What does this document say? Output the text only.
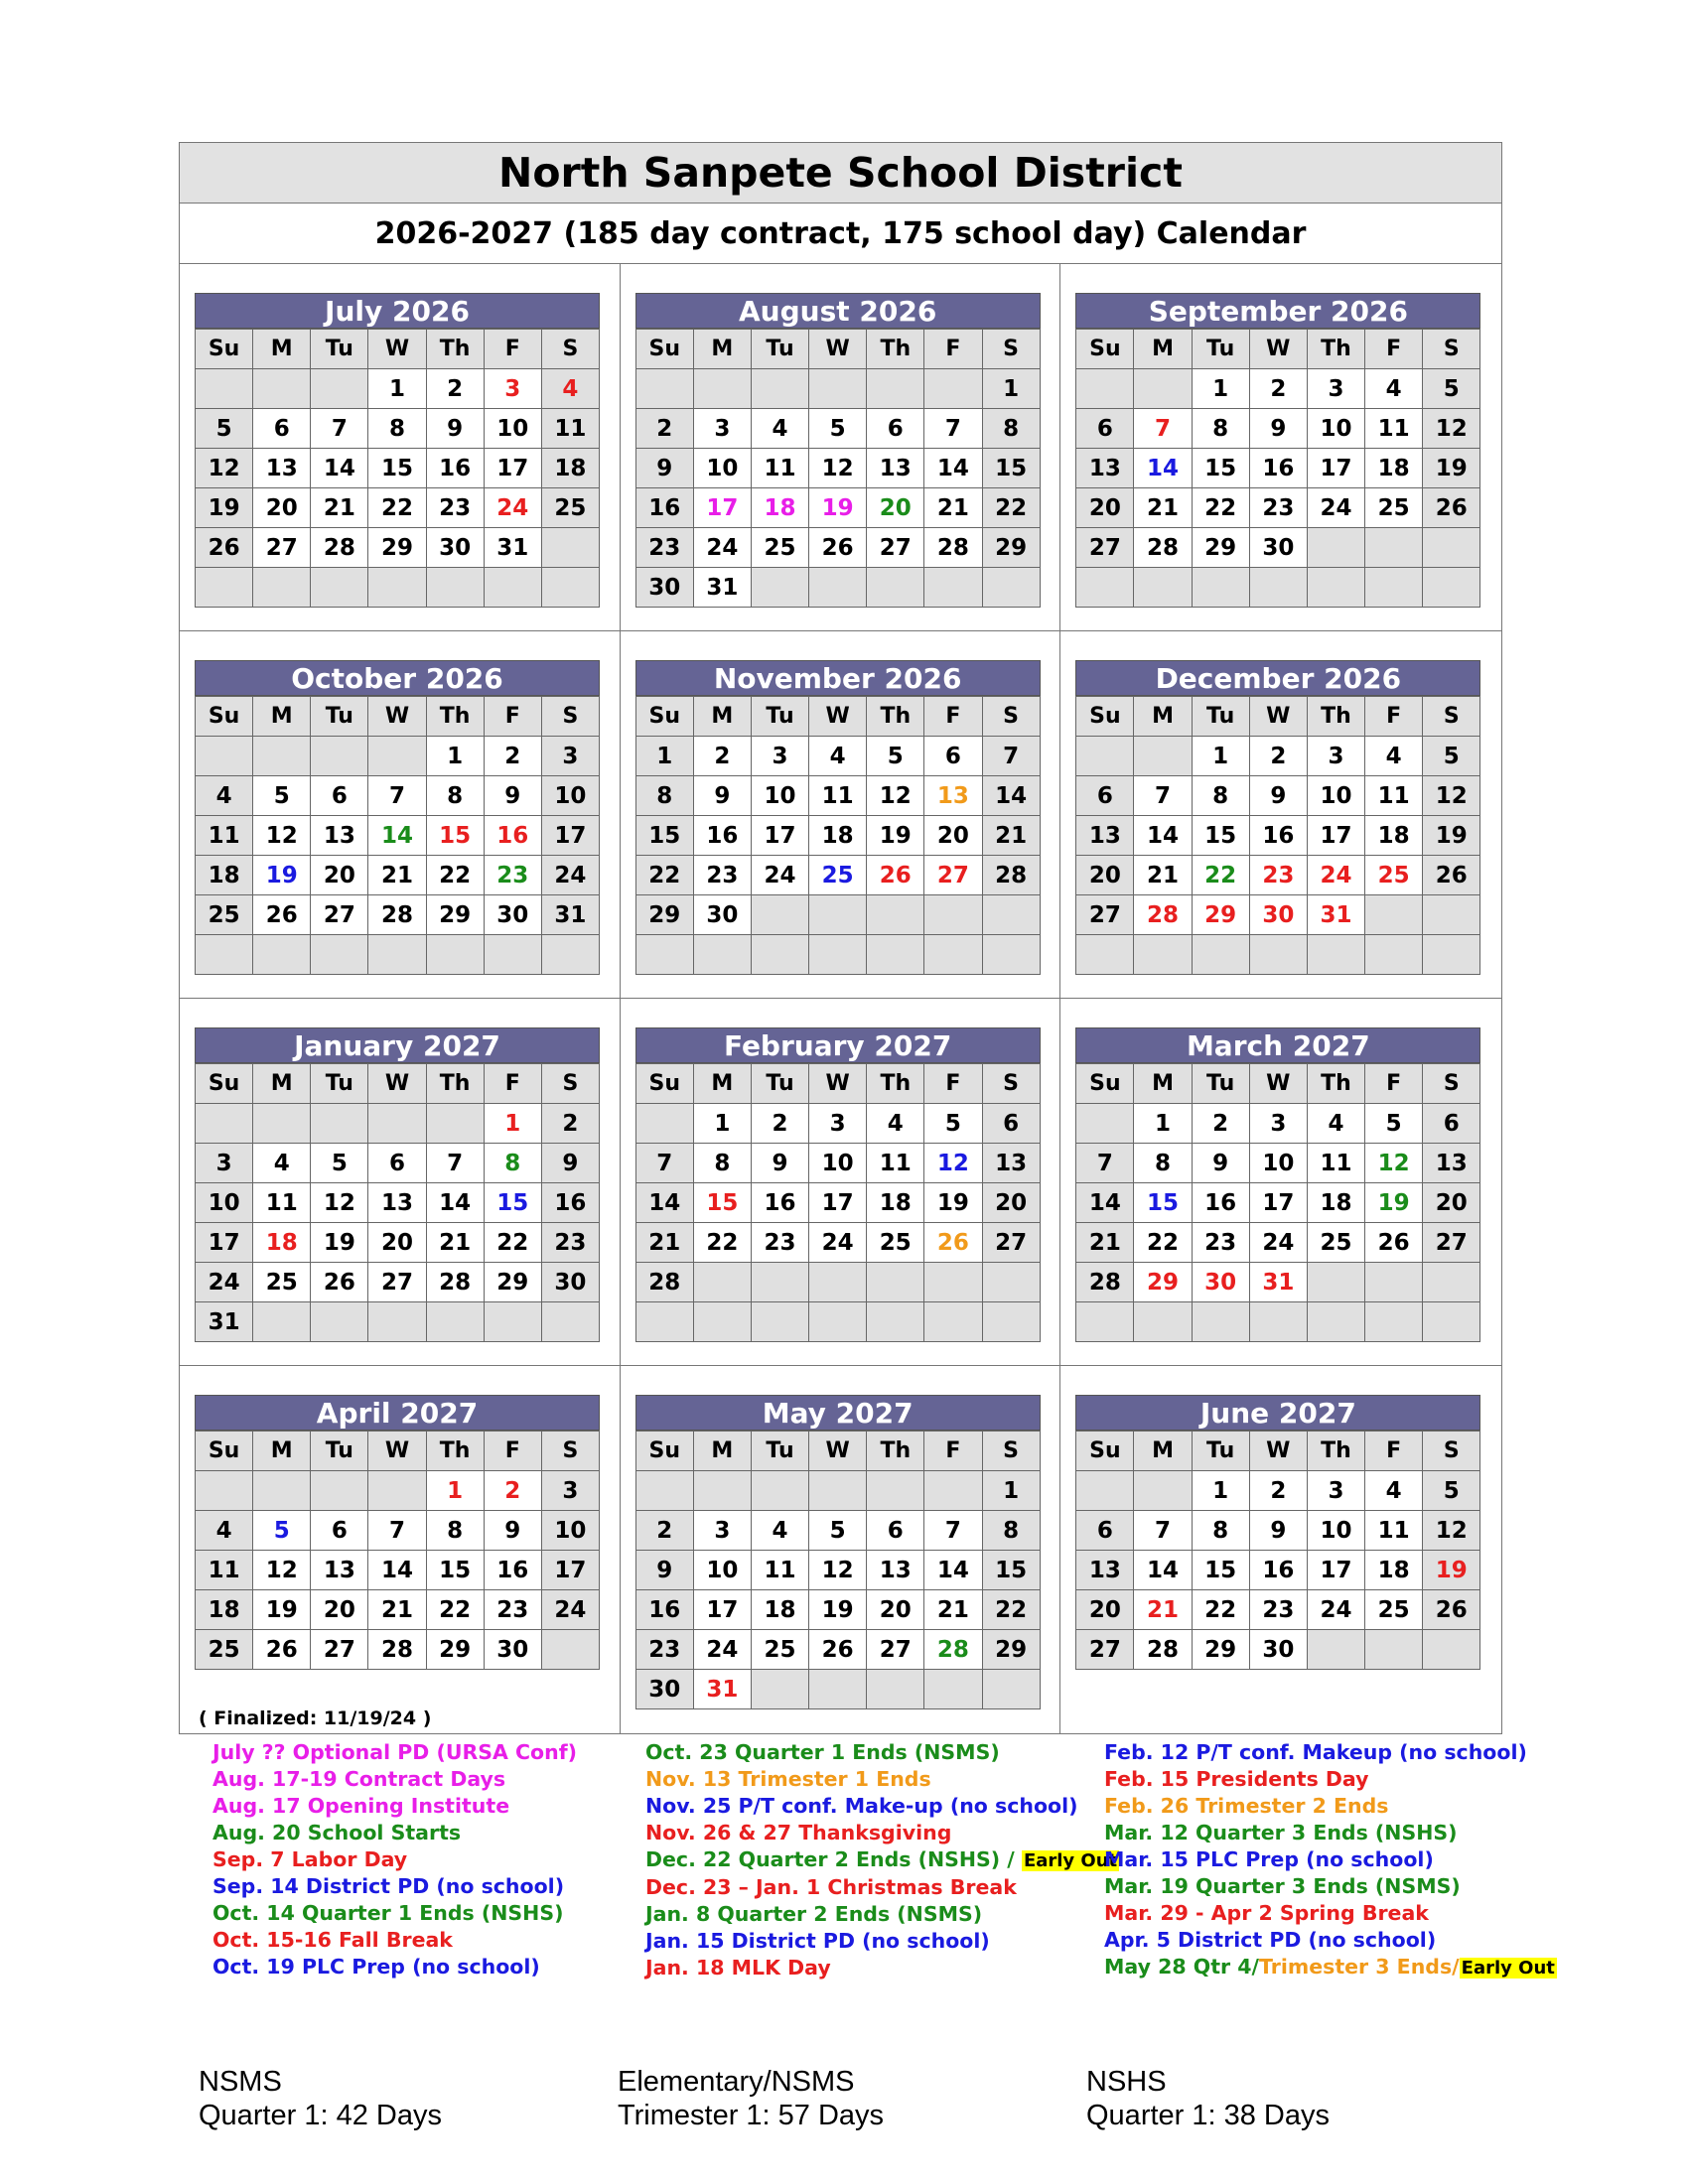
North Sanpete School District
2026-2027 (185 day contract, 175 school day) Calendar
July 2026
Su	M	Tu	W	Th	F	S
			1	2	3	4
5	6	7	8	9	10	11
12	13	14	15	16	17	18
19	20	21	22	23	24	25
26	27	28	29	30	31	

August 2026
Su	M	Tu	W	Th	F	S
						1
2	3	4	5	6	7	8
9	10	11	12	13	14	15
16	17	18	19	20	21	22
23	24	25	26	27	28	29
30	31					
September 2026
Su	M	Tu	W	Th	F	S
		1	2	3	4	5
6	7	8	9	10	11	12
13	14	15	16	17	18	19
20	21	22	23	24	25	26
27	28	29	30			

October 2026
Su	M	Tu	W	Th	F	S
				1	2	3
4	5	6	7	8	9	10
11	12	13	14	15	16	17
18	19	20	21	22	23	24
25	26	27	28	29	30	31

November 2026
Su	M	Tu	W	Th	F	S
1	2	3	4	5	6	7
8	9	10	11	12	13	14
15	16	17	18	19	20	21
22	23	24	25	26	27	28
29	30					

December 2026
Su	M	Tu	W	Th	F	S
		1	2	3	4	5
6	7	8	9	10	11	12
13	14	15	16	17	18	19
20	21	22	23	24	25	26
27	28	29	30	31		

January 2027
Su	M	Tu	W	Th	F	S
					1	2
3	4	5	6	7	8	9
10	11	12	13	14	15	16
17	18	19	20	21	22	23
24	25	26	27	28	29	30
31						
February 2027
Su	M	Tu	W	Th	F	S
	1	2	3	4	5	6
7	8	9	10	11	12	13
14	15	16	17	18	19	20
21	22	23	24	25	26	27
28						

March 2027
Su	M	Tu	W	Th	F	S
	1	2	3	4	5	6
7	8	9	10	11	12	13
14	15	16	17	18	19	20
21	22	23	24	25	26	27
28	29	30	31			

April 2027
Su	M	Tu	W	Th	F	S
				1	2	3
4	5	6	7	8	9	10
11	12	13	14	15	16	17
18	19	20	21	22	23	24
25	26	27	28	29	30	
May 2027
Su	M	Tu	W	Th	F	S
						1
2	3	4	5	6	7	8
9	10	11	12	13	14	15
16	17	18	19	20	21	22
23	24	25	26	27	28	29
30	31					
June 2027
Su	M	Tu	W	Th	F	S
		1	2	3	4	5
6	7	8	9	10	11	12
13	14	15	16	17	18	19
20	21	22	23	24	25	26
27	28	29	30			
( Finalized: 11/19/24 )
July ?? Optional PD (URSA Conf)
Aug. 17-19 Contract Days
Aug. 17 Opening Institute
Aug. 20 School Starts
Sep. 7 Labor Day
Sep. 14 District PD (no school)
Oct. 14 Quarter 1 Ends (NSHS)
Oct. 15-16 Fall Break
Oct. 19 PLC Prep (no school)
Oct. 23 Quarter 1 Ends (NSMS)
Nov. 13 Trimester 1 Ends
Nov. 25 P/T conf. Make-up (no school)
Nov. 26 & 27 Thanksgiving
Dec. 22 Quarter 2 Ends (NSHS) / Early Out
Dec. 23 – Jan. 1 Christmas Break
Jan. 8 Quarter 2 Ends (NSMS)
Jan. 15 District PD (no school)
Jan. 18 MLK Day
Feb. 12 P/T conf. Makeup (no school)
Feb. 15 Presidents Day
Feb. 26 Trimester 2 Ends
Mar. 12 Quarter 3 Ends (NSHS)
Mar. 15 PLC Prep (no school)
Mar. 19 Quarter 3 Ends (NSMS)
Mar. 29 - Apr 2 Spring Break
Apr. 5 District PD (no school)
May 28 Qtr 4/Trimester 3 Ends/ Early Out
NSMS
Quarter 1: 42 Days
Elementary/NSMS
Trimester 1: 57 Days
NSHS
Quarter 1: 38 Days
